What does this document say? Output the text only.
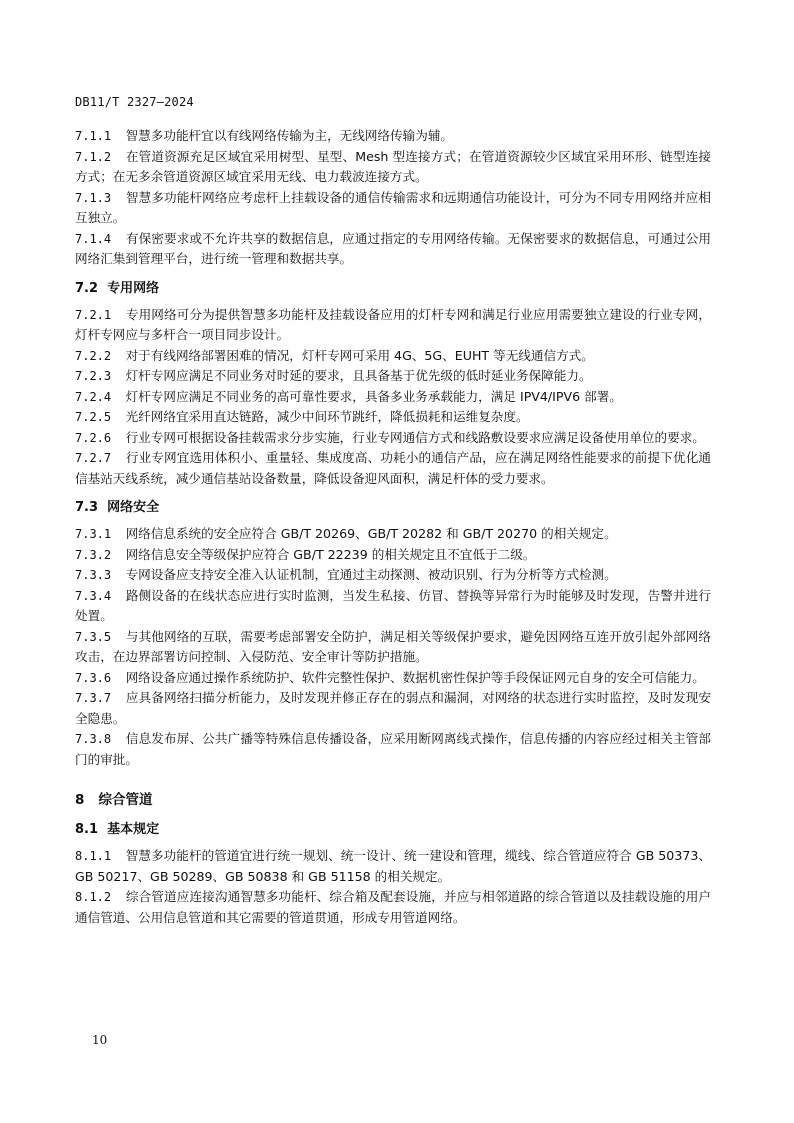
DB11/T 2327—2024

7.1.1 智慧多功能杆宜以有线网络传输为主，无线网络传输为辅。

7.1.2 在管道资源充足区域宜采用树型、星型、Mesh 型连接方式；在管道资源较少区域宜采用环形、链型连接方式；在无多余管道资源区域宜采用无线、电力载波连接方式。

7.1.3 智慧多功能杆网络应考虑杆上挂载设备的通信传输需求和远期通信功能设计，可分为不同专用网络并应相互独立。

7.1.4 有保密要求或不允许共享的数据信息，应通过指定的专用网络传输。无保密要求的数据信息，可通过公用网络汇集到管理平台，进行统一管理和数据共享。

7.2 专用网络

7.2.1 专用网络可分为提供智慧多功能杆及挂载设备应用的灯杆专网和满足行业应用需要独立建设的行业专网，灯杆专网应与多杆合一项目同步设计。

7.2.2 对于有线网络部署困难的情况，灯杆专网可采用 4G、5G、EUHT 等无线通信方式。

7.2.3 灯杆专网应满足不同业务对时延的要求，且具备基于优先级的低时延业务保障能力。

7.2.4 灯杆专网应满足不同业务的高可靠性要求，具备多业务承载能力，满足 IPV4/IPV6 部署。

7.2.5 光纤网络宜采用直达链路，减少中间环节跳纤，降低损耗和运维复杂度。

7.2.6 行业专网可根据设备挂载需求分步实施，行业专网通信方式和线路敷设要求应满足设备使用单位的要求。

7.2.7 行业专网宜选用体积小、重量轻、集成度高、功耗小的通信产品，应在满足网络性能要求的前提下优化通信基站天线系统，减少通信基站设备数量，降低设备迎风面积，满足杆体的受力要求。

7.3 网络安全

7.3.1 网络信息系统的安全应符合 GB/T 20269、GB/T 20282 和 GB/T 20270 的相关规定。

7.3.2 网络信息安全等级保护应符合 GB/T 22239 的相关规定且不宜低于二级。

7.3.3 专网设备应支持安全准入认证机制，宜通过主动探测、被动识别、行为分析等方式检测。

7.3.4 路侧设备的在线状态应进行实时监测，当发生私接、仿冒、替换等异常行为时能够及时发现，告警并进行处置。

7.3.5 与其他网络的互联，需要考虑部署安全防护，满足相关等级保护要求，避免因网络互连开放引起外部网络攻击，在边界部署访问控制、入侵防范、安全审计等防护措施。

7.3.6 网络设备应通过操作系统防护、软件完整性保护、数据机密性保护等手段保证网元自身的安全可信能力。

7.3.7 应具备网络扫描分析能力，及时发现并修正存在的弱点和漏洞，对网络的状态进行实时监控，及时发现安全隐患。

7.3.8 信息发布屏、公共广播等特殊信息传播设备，应采用断网离线式操作，信息传播的内容应经过相关主管部门的审批。

8 综合管道
8.1 基本规定

8.1.1 智慧多功能杆的管道宜进行统一规划、统一设计、统一建设和管理，缆线、综合管道应符合 GB 50373、GB 50217、GB 50289、GB 50838 和 GB 51158 的相关规定。

8.1.2 综合管道应连接沟通智慧多功能杆、综合箱及配套设施，并应与相邻道路的综合管道以及挂载设施的用户通信管道、公用信息管道和其它需要的管道贯通，形成专用管道网络。

10
